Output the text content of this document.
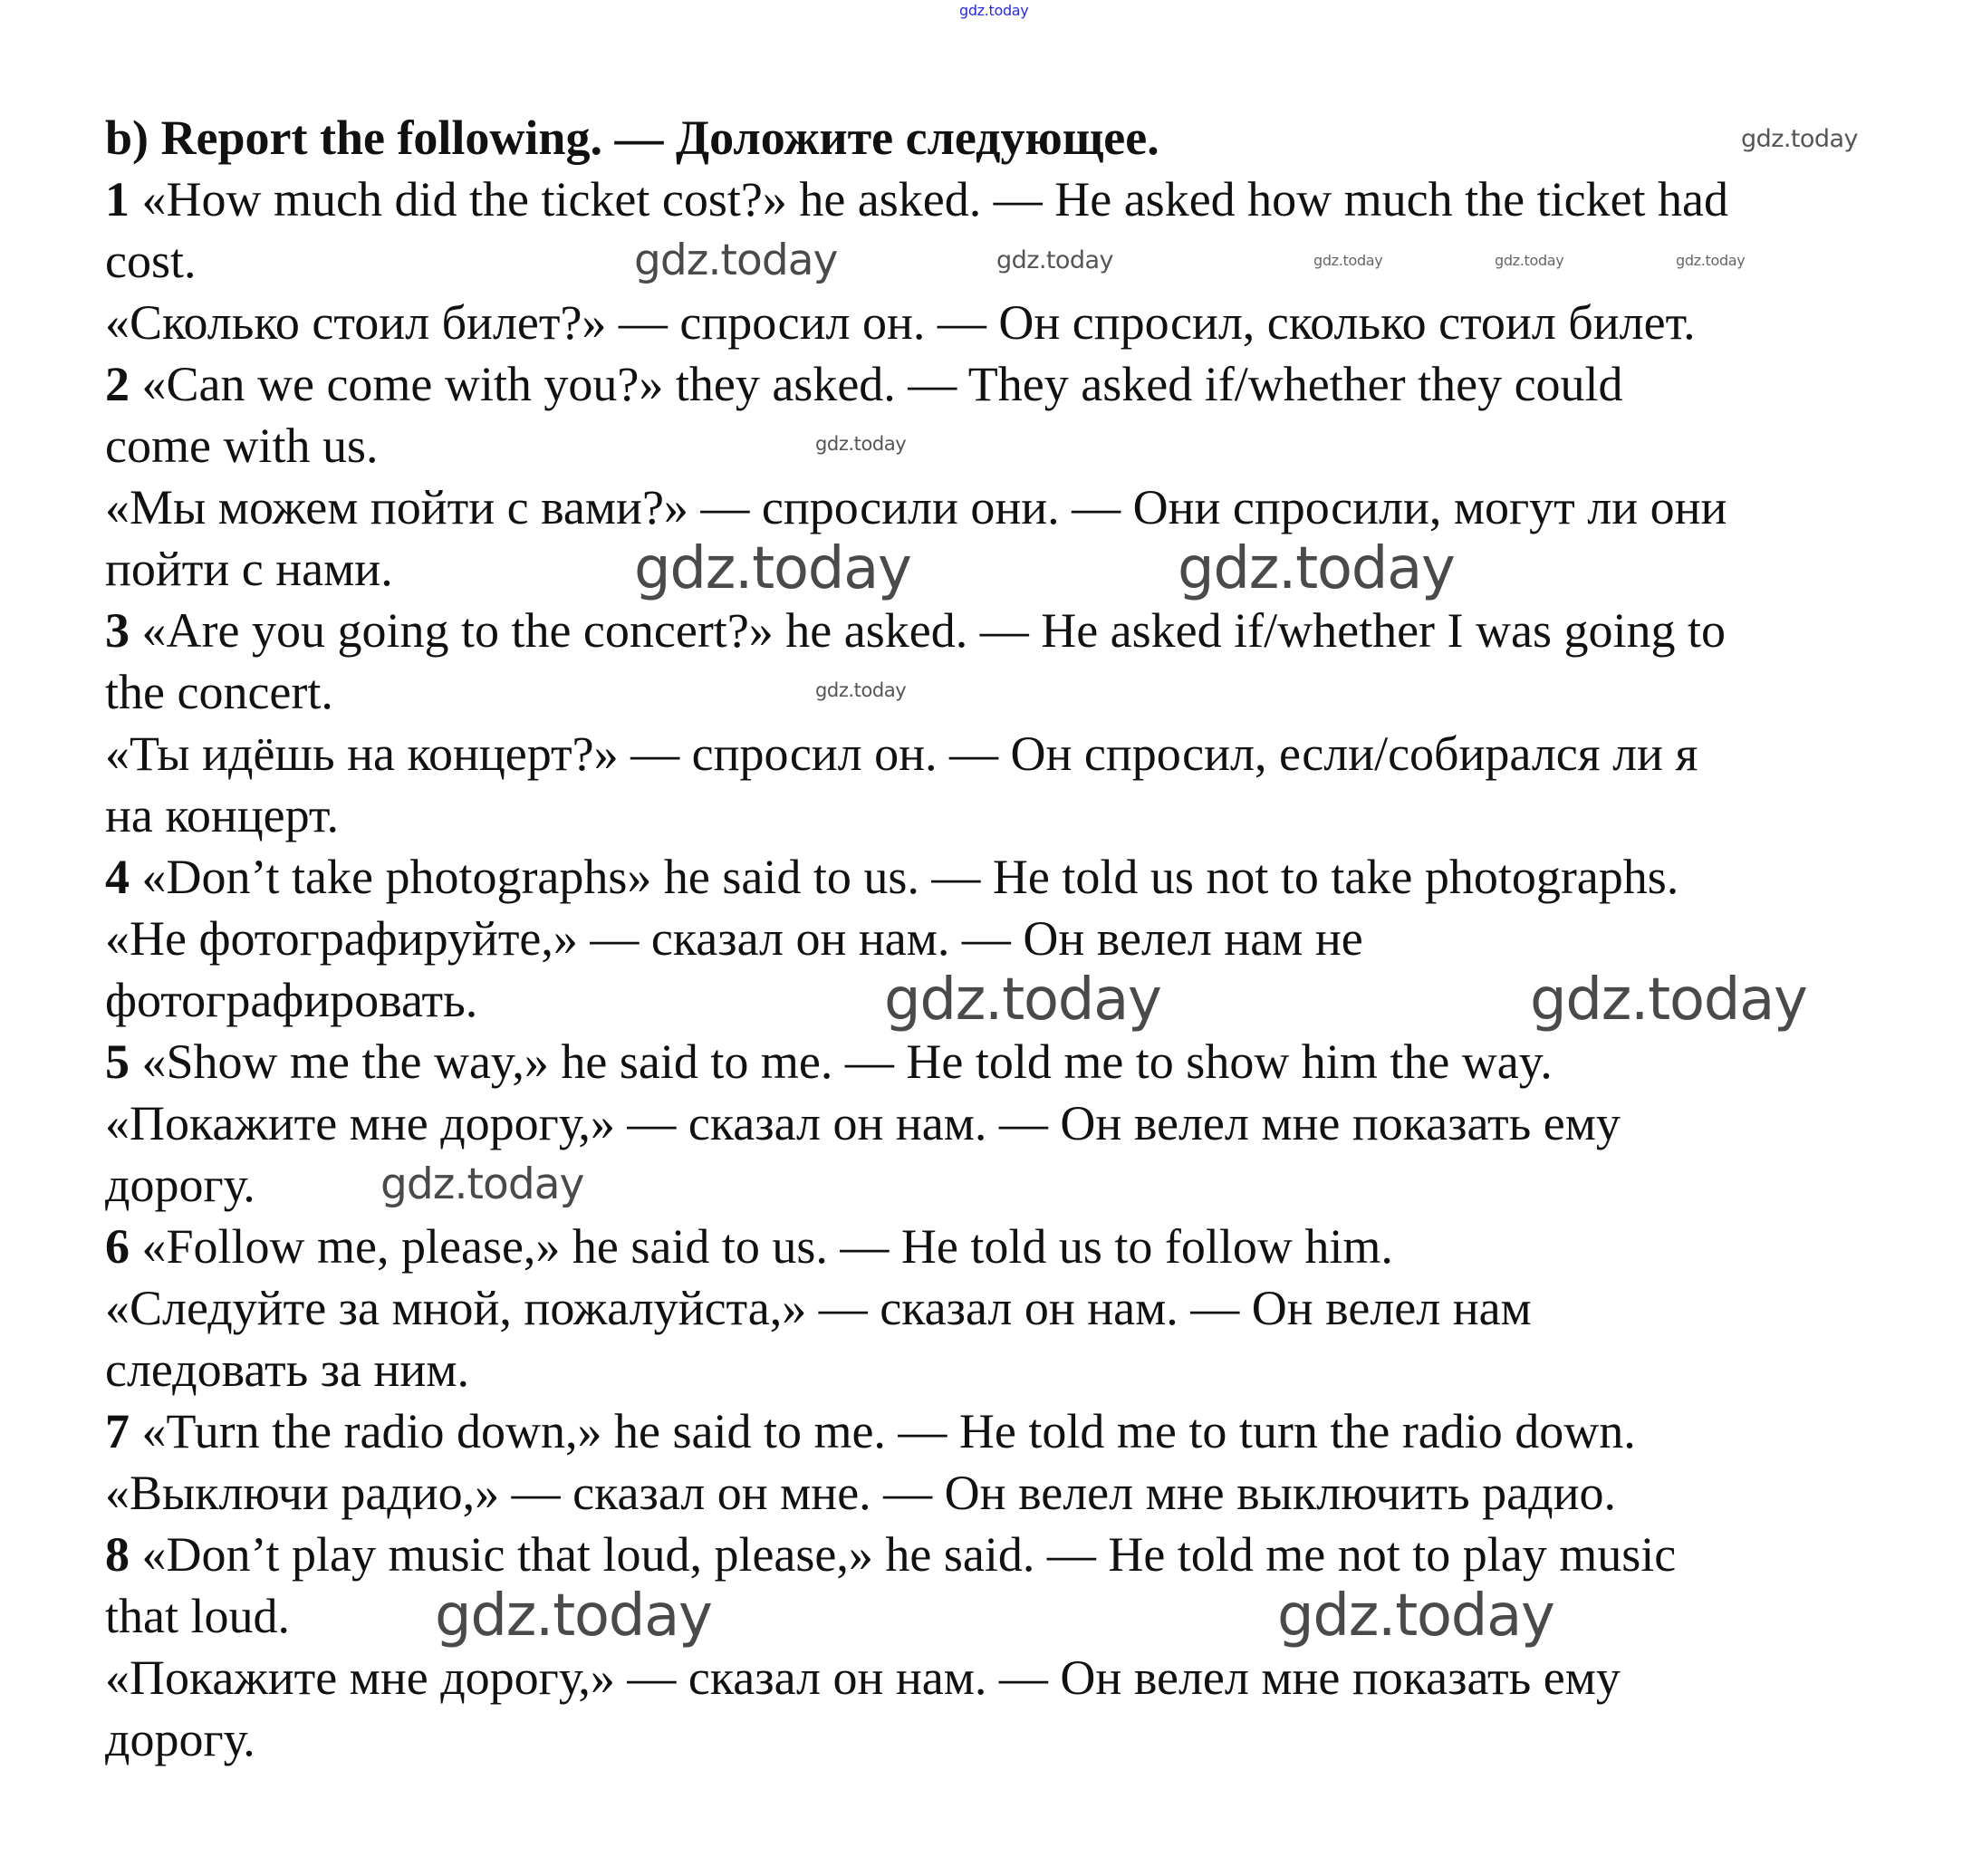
b) Report the following. — Доложите следующее.
1 «How much did the ticket cost?» he asked. — He asked how much the ticket had
cost.
«Сколько стоил билет?» — спросил он. — Он спросил, сколько стоил билет.
2 «Can we come with you?» they asked. — They asked if/whether they could
come with us.
«Мы можем пойти с вами?» — спросили они. — Они спросили, могут ли они
пойти с нами.
3 «Are you going to the concert?» he asked. — He asked if/whether I was going to
the concert.
«Ты идёшь на концерт?» — спросил он. — Он спросил, если/собирался ли я
на концерт.
4 «Don’t take photographs» he said to us. — He told us not to take photographs.
«Не фотографируйте,» — сказал он нам. — Он велел нам не
фотографировать.
5 «Show me the way,» he said to me. — He told me to show him the way.
«Покажите мне дорогу,» — сказал он нам. — Он велел мне показать ему
дорогу.
6 «Follow me, please,» he said to us. — He told us to follow him.
«Следуйте за мной, пожалуйста,» — сказал он нам. — Он велел нам
следовать за ним.
7 «Turn the radio down,» he said to me. — He told me to turn the radio down.
«Выключи радио,» — сказал он мне. — Он велел мне выключить радио.
8 «Don’t play music that loud, please,» he said. — He told me not to play music
that loud.
«Покажите мне дорогу,» — сказал он нам. — Он велел мне показать ему
дорогу.
gdz.today
gdz.today
gdz.today
gdz.today	gdz.today	gdz.today	gdz.today
gdz.today
gdz.today
gdz.today	gdz.today
gdz.today	gdz.today
gdz.today
gdz.today	gdz.today
